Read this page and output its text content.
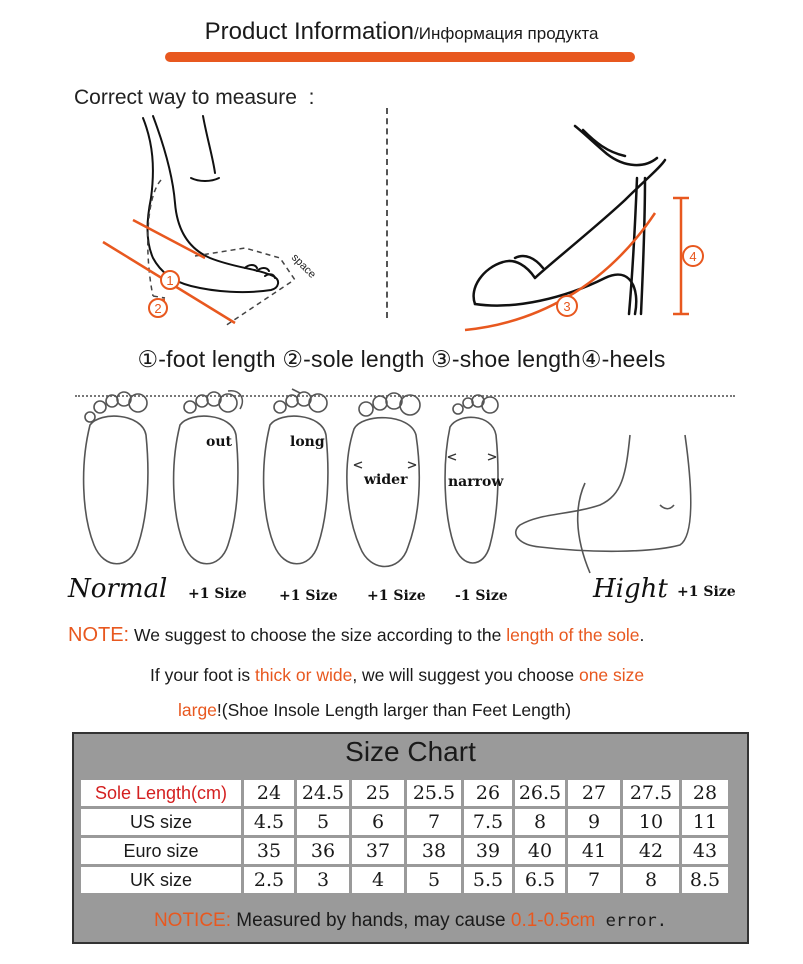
Product Information/Информация продукта
Correct way to measure  :
1
2
space
3
4
①-foot length ②-sole length ③-shoe length④-heels
out	long
wider	narrow
Normal +1 Size +1 Size +1 Size -1 Size	Hight +1 Size
NOTE: We suggest to choose the size according to the length of the sole.
If your foot is thick or wide, we will suggest you choose one size
large!(Shoe Insole Length larger than Feet Length)
Size Chart
Sole Length(cm)	24	24.5	25	25.5	26	26.5	27	27.5	28
US size	4.5	5	6	7	7.5	8	9	10	11
Euro size	35	36	37	38	39	40	41	42	43
UK size	2.5	3	4	5	5.5	6.5	7	8	8.5
NOTICE: Measured by hands, may cause 0.1-0.5cm error.
